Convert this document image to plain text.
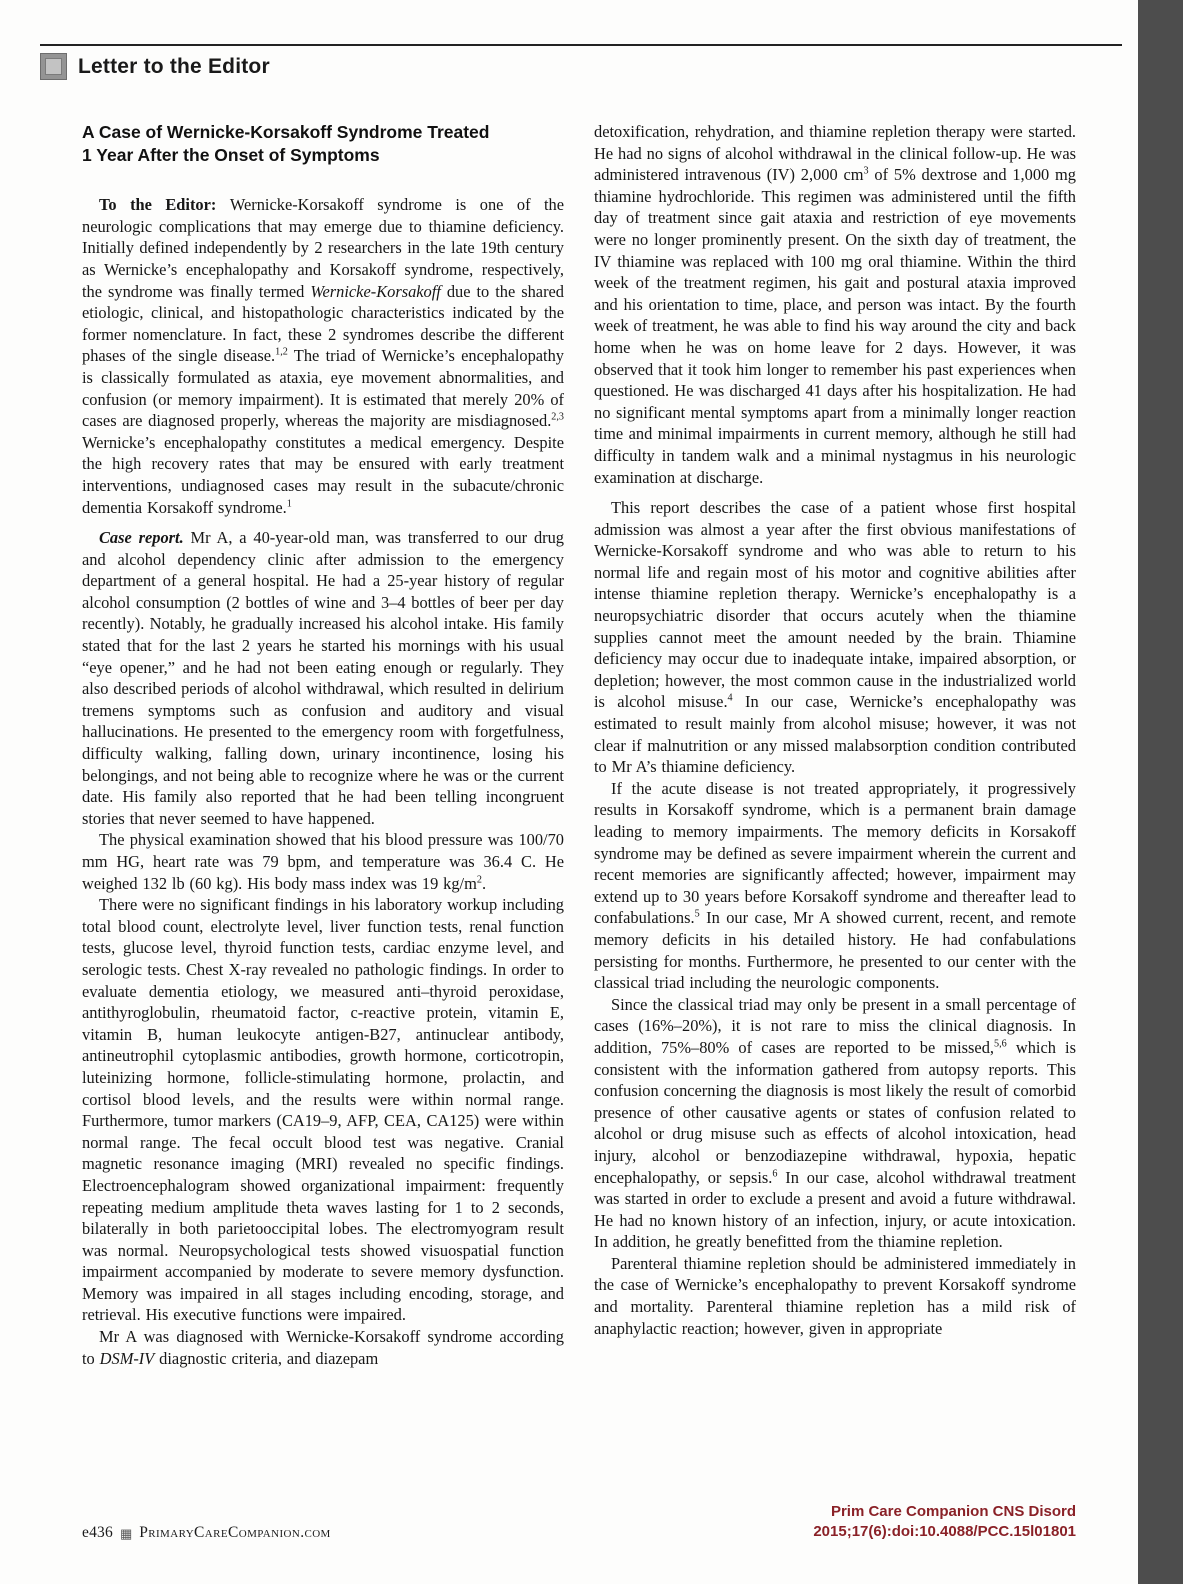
Letter to the Editor
A Case of Wernicke-Korsakoff Syndrome Treated
1 Year After the Onset of Symptoms

To the Editor: Wernicke-Korsakoff syndrome is one of the neurologic complications that may emerge due to thiamine deficiency. Initially defined independently by 2 researchers in the late 19th century as Wernicke’s encephalopathy and Korsakoff syndrome, respectively, the syndrome was finally termed Wernicke-Korsakoff due to the shared etiologic, clinical, and histopathologic characteristics indicated by the former nomenclature. In fact, these 2 syndromes describe the different phases of the single disease.$^{1,2}$ The triad of Wernicke’s encephalopathy is classically formulated as ataxia, eye movement abnormalities, and confusion (or memory impairment). It is estimated that merely 20% of cases are diagnosed properly, whereas the majority are misdiagnosed.$^{2,3}$ Wernicke’s encephalopathy constitutes a medical emergency. Despite the high recovery rates that may be ensured with early treatment interventions, undiagnosed cases may result in the subacute/chronic dementia Korsakoff syndrome.$^1$

Case report. Mr A, a 40-year-old man, was transferred to our drug and alcohol dependency clinic after admission to the emergency department of a general hospital. He had a 25-year history of regular alcohol consumption (2 bottles of wine and 3–4 bottles of beer per day recently). Notably, he gradually increased his alcohol intake. His family stated that for the last 2 years he started his mornings with his usual “eye opener,” and he had not been eating enough or regularly. They also described periods of alcohol withdrawal, which resulted in delirium tremens symptoms such as confusion and auditory and visual hallucinations. He presented to the emergency room with forgetfulness, difficulty walking, falling down, urinary incontinence, losing his belongings, and not being able to recognize where he was or the current date. His family also reported that he had been telling incongruent stories that never seemed to have happened.

The physical examination showed that his blood pressure was 100/70 mm HG, heart rate was 79 bpm, and temperature was 36.4 C. He weighed 132 lb (60 kg). His body mass index was 19 $kg/m^2$.

There were no significant findings in his laboratory workup including total blood count, electrolyte level, liver function tests, renal function tests, glucose level, thyroid function tests, cardiac enzyme level, and serologic tests. Chest X-ray revealed no pathologic findings. In order to evaluate dementia etiology, we measured anti–thyroid peroxidase, antithyroglobulin, rheumatoid factor, c-reactive protein, vitamin E, vitamin B, human leukocyte antigen-B27, antinuclear antibody, antineutrophil cytoplasmic antibodies, growth hormone, corticotropin, luteinizing hormone, follicle-stimulating hormone, prolactin, and cortisol blood levels, and the results were within normal range. Furthermore, tumor markers (CA19–9, AFP, CEA, CA125) were within normal range. The fecal occult blood test was negative. Cranial magnetic resonance imaging (MRI) revealed no specific findings. Electroencephalogram showed organizational impairment: frequently repeating medium amplitude theta waves lasting for 1 to 2 seconds, bilaterally in both parietooccipital lobes. The electromyogram result was normal. Neuropsychological tests showed visuospatial function impairment accompanied by moderate to severe memory dysfunction. Memory was impaired in all stages including encoding, storage, and retrieval. His executive functions were impaired.

Mr A was diagnosed with Wernicke-Korsakoff syndrome according to DSM-IV diagnostic criteria, and diazepam

detoxification, rehydration, and thiamine repletion therapy were started. He had no signs of alcohol withdrawal in the clinical follow-up. He was administered intravenous (IV) 2,000 $cm^3$ of 5% dextrose and 1,000 mg thiamine hydrochloride. This regimen was administered until the fifth day of treatment since gait ataxia and restriction of eye movements were no longer prominently present. On the sixth day of treatment, the IV thiamine was replaced with 100 mg oral thiamine. Within the third week of the treatment regimen, his gait and postural ataxia improved and his orientation to time, place, and person was intact. By the fourth week of treatment, he was able to find his way around the city and back home when he was on home leave for 2 days. However, it was observed that it took him longer to remember his past experiences when questioned. He was discharged 41 days after his hospitalization. He had no significant mental symptoms apart from a minimally longer reaction time and minimal impairments in current memory, although he still had difficulty in tandem walk and a minimal nystagmus in his neurologic examination at discharge.

This report describes the case of a patient whose first hospital admission was almost a year after the first obvious manifestations of Wernicke-Korsakoff syndrome and who was able to return to his normal life and regain most of his motor and cognitive abilities after intense thiamine repletion therapy. Wernicke’s encephalopathy is a neuropsychiatric disorder that occurs acutely when the thiamine supplies cannot meet the amount needed by the brain. Thiamine deficiency may occur due to inadequate intake, impaired absorption, or depletion; however, the most common cause in the industrialized world is alcohol misuse.$^4$ In our case, Wernicke’s encephalopathy was estimated to result mainly from alcohol misuse; however, it was not clear if malnutrition or any missed malabsorption condition contributed to Mr A’s thiamine deficiency.

If the acute disease is not treated appropriately, it progressively results in Korsakoff syndrome, which is a permanent brain damage leading to memory impairments. The memory deficits in Korsakoff syndrome may be defined as severe impairment wherein the current and recent memories are significantly affected; however, impairment may extend up to 30 years before Korsakoff syndrome and thereafter lead to confabulations.$^5$ In our case, Mr A showed current, recent, and remote memory deficits in his detailed history. He had confabulations persisting for months. Furthermore, he presented to our center with the classical triad including the neurologic components.

Since the classical triad may only be present in a small percentage of cases (16%–20%), it is not rare to miss the clinical diagnosis. In addition, 75%–80% of cases are reported to be missed,$^{5,6}$ which is consistent with the information gathered from autopsy reports. This confusion concerning the diagnosis is most likely the result of comorbid presence of other causative agents or states of confusion related to alcohol or drug misuse such as effects of alcohol intoxication, head injury, alcohol or benzodiazepine withdrawal, hypoxia, hepatic encephalopathy, or sepsis.$^6$ In our case, alcohol withdrawal treatment was started in order to exclude a present and avoid a future withdrawal. He had no known history of an infection, injury, or acute intoxication. In addition, he greatly benefitted from the thiamine repletion.

Parenteral thiamine repletion should be administered immediately in the case of Wernicke’s encephalopathy to prevent Korsakoff syndrome and mortality. Parenteral thiamine repletion has a mild risk of anaphylactic reaction; however, given in appropriate

e436 ▦ PrimaryCareCompanion.com
Prim Care Companion CNS Disord
2015;17(6):doi:10.4088/PCC.15l01801
